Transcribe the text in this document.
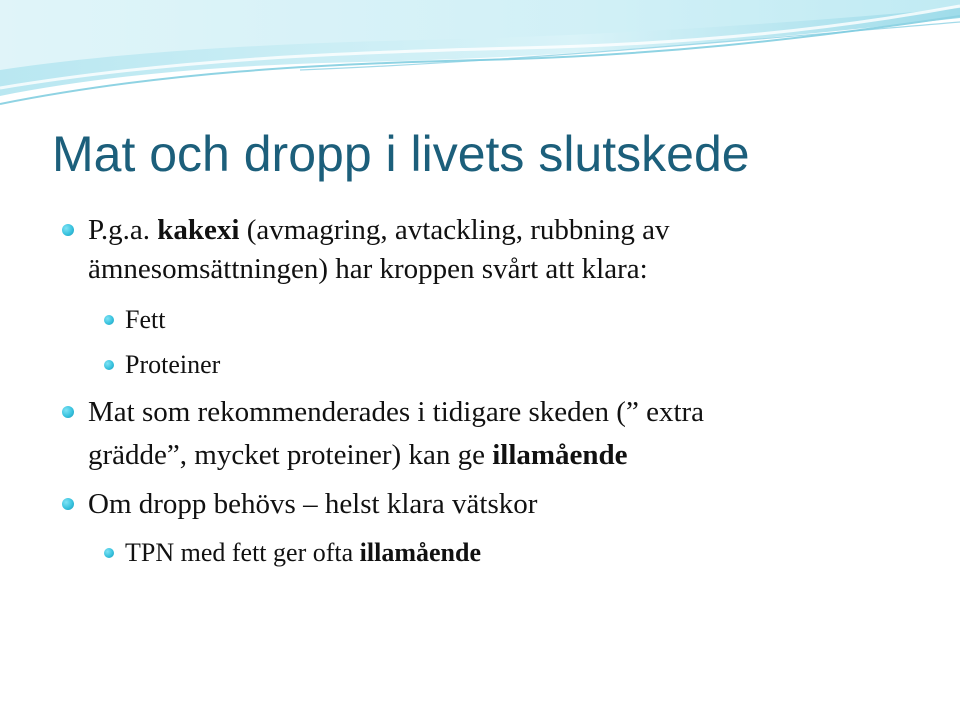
Mat och dropp i livets slutskede
P.g.a. kakexi (avmagring, avtackling, rubbning av
ämnesomsättningen) har kroppen svårt att klara:
Fett
Proteiner
Mat som rekommenderades i tidigare skeden (” extra
grädde”, mycket proteiner) kan ge illamående
Om dropp behövs – helst klara vätskor
TPN med fett ger ofta illamående
